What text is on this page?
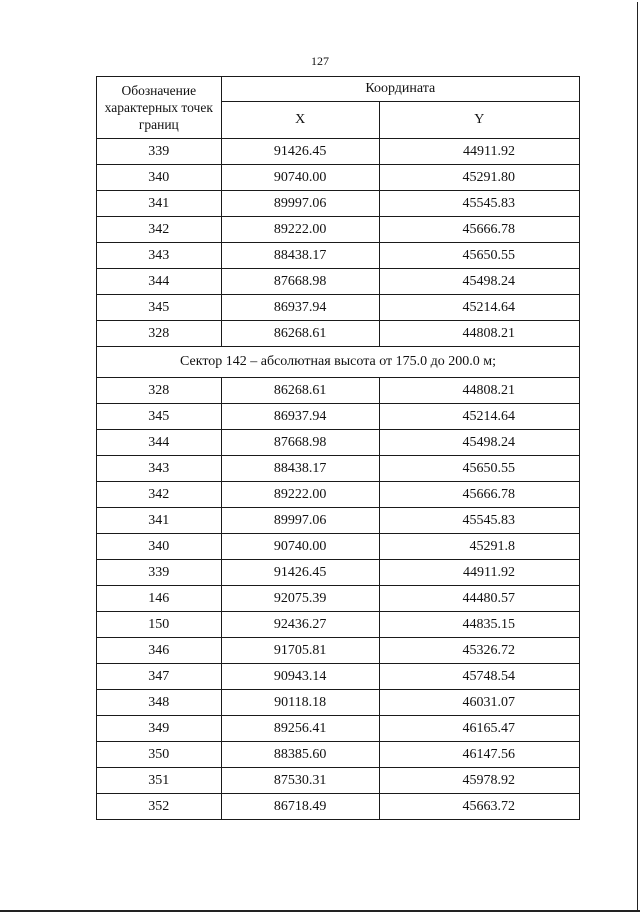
127
Обозначение характерных точек границ	Координата	
	X	Y
339	91426.45	44911.92
340	90740.00	45291.80
341	89997.06	45545.83
342	89222.00	45666.78
343	88438.17	45650.55
344	87668.98	45498.24
345	86937.94	45214.64
328	86268.61	44808.21
Сектор 142 – абсолютная высота от 175.0 до 200.0 м;		
328	86268.61	44808.21
345	86937.94	45214.64
344	87668.98	45498.24
343	88438.17	45650.55
342	89222.00	45666.78
341	89997.06	45545.83
340	90740.00	45291.8
339	91426.45	44911.92
146	92075.39	44480.57
150	92436.27	44835.15
346	91705.81	45326.72
347	90943.14	45748.54
348	90118.18	46031.07
349	89256.41	46165.47
350	88385.60	46147.56
351	87530.31	45978.92
352	86718.49	45663.72
